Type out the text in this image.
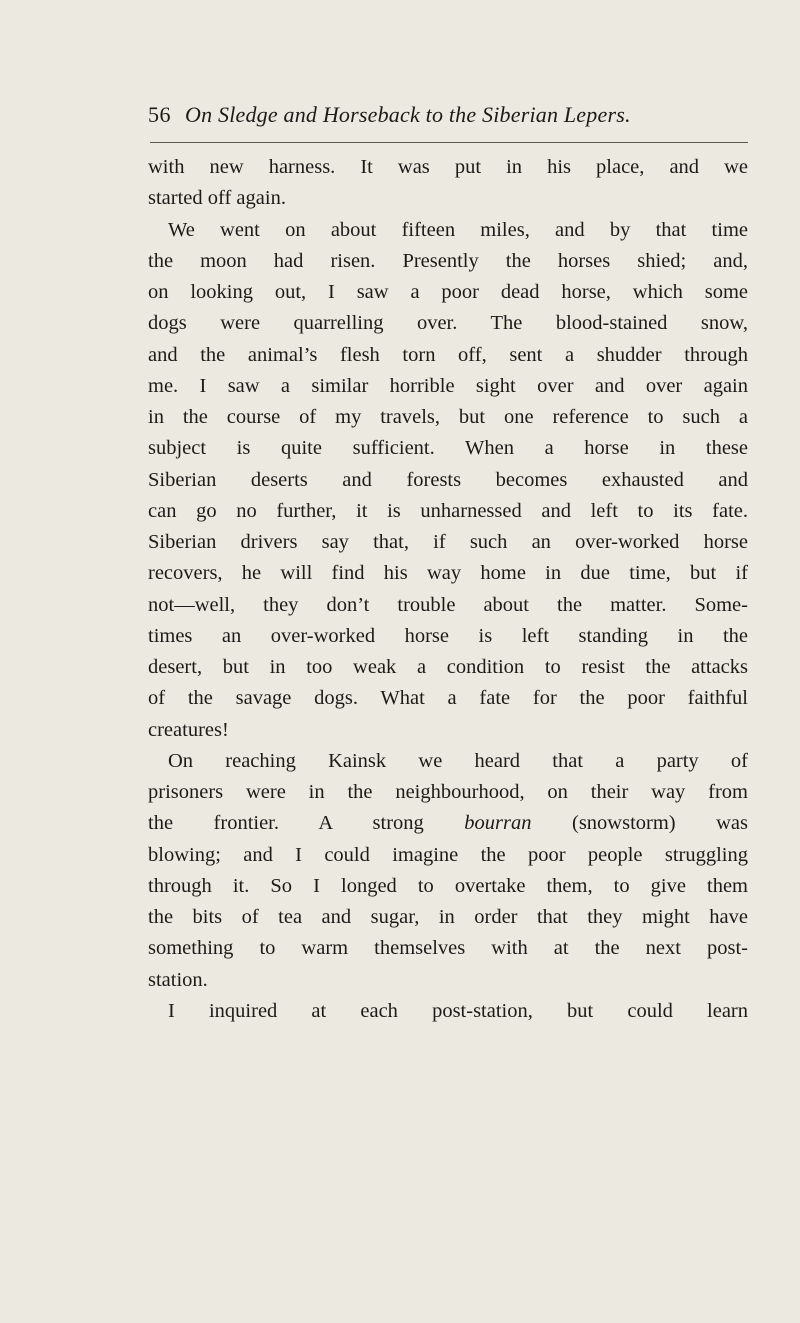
56 On Sledge and Horseback to the Siberian Lepers.
with new harness. It was put in his place, and we
started off again.
We went on about fifteen miles, and by that time
the moon had risen. Presently the horses shied; and,
on looking out, I saw a poor dead horse, which some
dogs were quarrelling over. The blood-stained snow,
and the animal’s flesh torn off, sent a shudder through
me. I saw a similar horrible sight over and over again
in the course of my travels, but one reference to such a
subject is quite sufficient. When a horse in these
Siberian deserts and forests becomes exhausted and
can go no further, it is unharnessed and left to its fate.
Siberian drivers say that, if such an over-worked horse
recovers, he will find his way home in due time, but if
not—well, they don’t trouble about the matter. Some-
times an over-worked horse is left standing in the
desert, but in too weak a condition to resist the attacks
of the savage dogs. What a fate for the poor faithful
creatures!
On reaching Kainsk we heard that a party of
prisoners were in the neighbourhood, on their way from
the frontier. A strong bourran (snowstorm) was
blowing; and I could imagine the poor people struggling
through it. So I longed to overtake them, to give them
the bits of tea and sugar, in order that they might have
something to warm themselves with at the next post-
station.
I inquired at each post-station, but could learn
